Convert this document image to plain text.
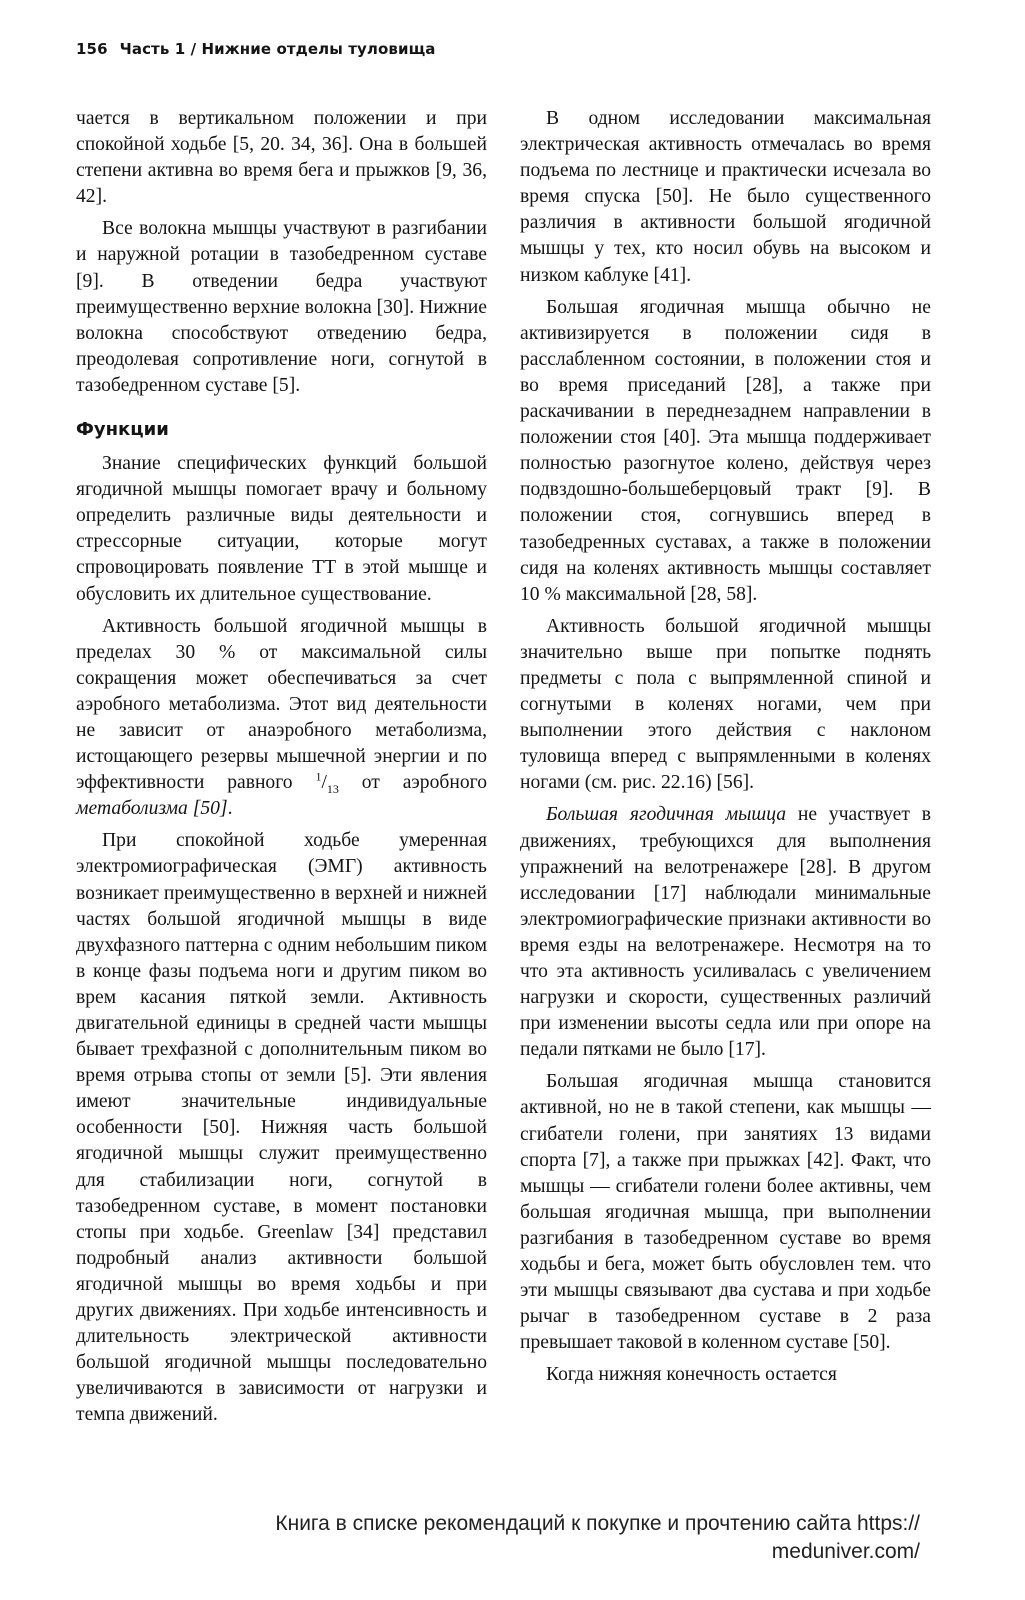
156 Часть 1 / Нижние отделы туловища

чается в вертикальном положении и при спокойной ходьбе [5, 20. 34, 36]. Она в большей степени активна во время бега и прыжков [9, 36, 42].

Все волокна мышцы участвуют в разгибании и наружной ротации в тазобедренном суставе [9]. В отведении бедра участвуют преимущественно верхние волокна [30]. Нижние волокна способствуют отведению бедра, преодолевая сопротивление ноги, согнутой в тазобедренном суставе [5].

Функции

Знание специфических функций большой ягодичной мышцы помогает врачу и больному определить различные виды деятельности и стрессорные ситуации, которые могут спровоцировать появление ТТ в этой мышце и обусловить их длительное существование.

Активность большой ягодичной мышцы в пределах 30 % от максимальной силы сокращения может обеспечиваться за счет аэробного метаболизма. Этот вид деятельности не зависит от анаэробного метаболизма, истощающего резервы мышечной энергии и по эффективности равного $^1/_{13}$ от аэробного метаболизма [50].

При спокойной ходьбе умеренная электромиографическая (ЭМГ) активность возникает преимущественно в верхней и нижней частях большой ягодичной мышцы в виде двухфазного паттерна с одним небольшим пиком в конце фазы подъема ноги и другим пиком во врем касания пяткой земли. Активность двигательной единицы в средней части мышцы бывает трехфазной с дополнительным пиком во время отрыва стопы от земли [5]. Эти явления имеют значительные индивидуальные особенности [50]. Нижняя часть большой ягодичной мышцы служит преимущественно для стабилизации ноги, согнутой в тазобедренном суставе, в момент постановки стопы при ходьбе. Greenlaw [34] представил подробный анализ активности большой ягодичной мышцы во время ходьбы и при других движениях. При ходьбе интенсивность и длительность электрической активности большой ягодичной мышцы последовательно увеличиваются в зависимости от нагрузки и темпа движений.

В одном исследовании максимальная электрическая активность отмечалась во время подъема по лестнице и практически исчезала во время спуска [50]. Не было существенного различия в активности большой ягодичной мышцы у тех, кто носил обувь на высоком и низком каблуке [41].

Большая ягодичная мышца обычно не активизируется в положении сидя в расслабленном состоянии, в положении стоя и во время приседаний [28], а также при раскачивании в переднезаднем направлении в положении стоя [40]. Эта мышца поддерживает полностью разогнутое колено, действуя через подвздошно-большеберцовый тракт [9]. В положении стоя, согнувшись вперед в тазобедренных суставах, а также в положении сидя на коленях активность мышцы составляет 10 % максимальной [28, 58].

Активность большой ягодичной мышцы значительно выше при попытке поднять предметы с пола с выпрямленной спиной и согнутыми в коленях ногами, чем при выполнении этого действия с наклоном туловища вперед с выпрямленными в коленях ногами (см. рис. 22.16) [56].

Большая ягодичная мышца не участвует в движениях, требующихся для выполнения упражнений на велотренажере [28]. В другом исследовании [17] наблюдали минимальные электромиографические признаки активности во время езды на велотренажере. Несмотря на то что эта активность усиливалась с увеличением нагрузки и скорости, существенных различий при изменении высоты седла или при опоре на педали пятками не было [17].

Большая ягодичная мышца становится активной, но не в такой степени, как мышцы — сгибатели голени, при занятиях 13 видами спорта [7], а также при прыжках [42]. Факт, что мышцы — сгибатели голени более активны, чем большая ягодичная мышца, при выполнении разгибания в тазобедренном суставе во время ходьбы и бега, может быть обусловлен тем. что эти мышцы связывают два сустава и при ходьбе рычаг в тазобедренном суставе в 2 раза превышает таковой в коленном суставе [50].

Когда нижняя конечность остается

Книга в списке рекомендаций к покупке и прочтению сайта https://
meduniver.com/
